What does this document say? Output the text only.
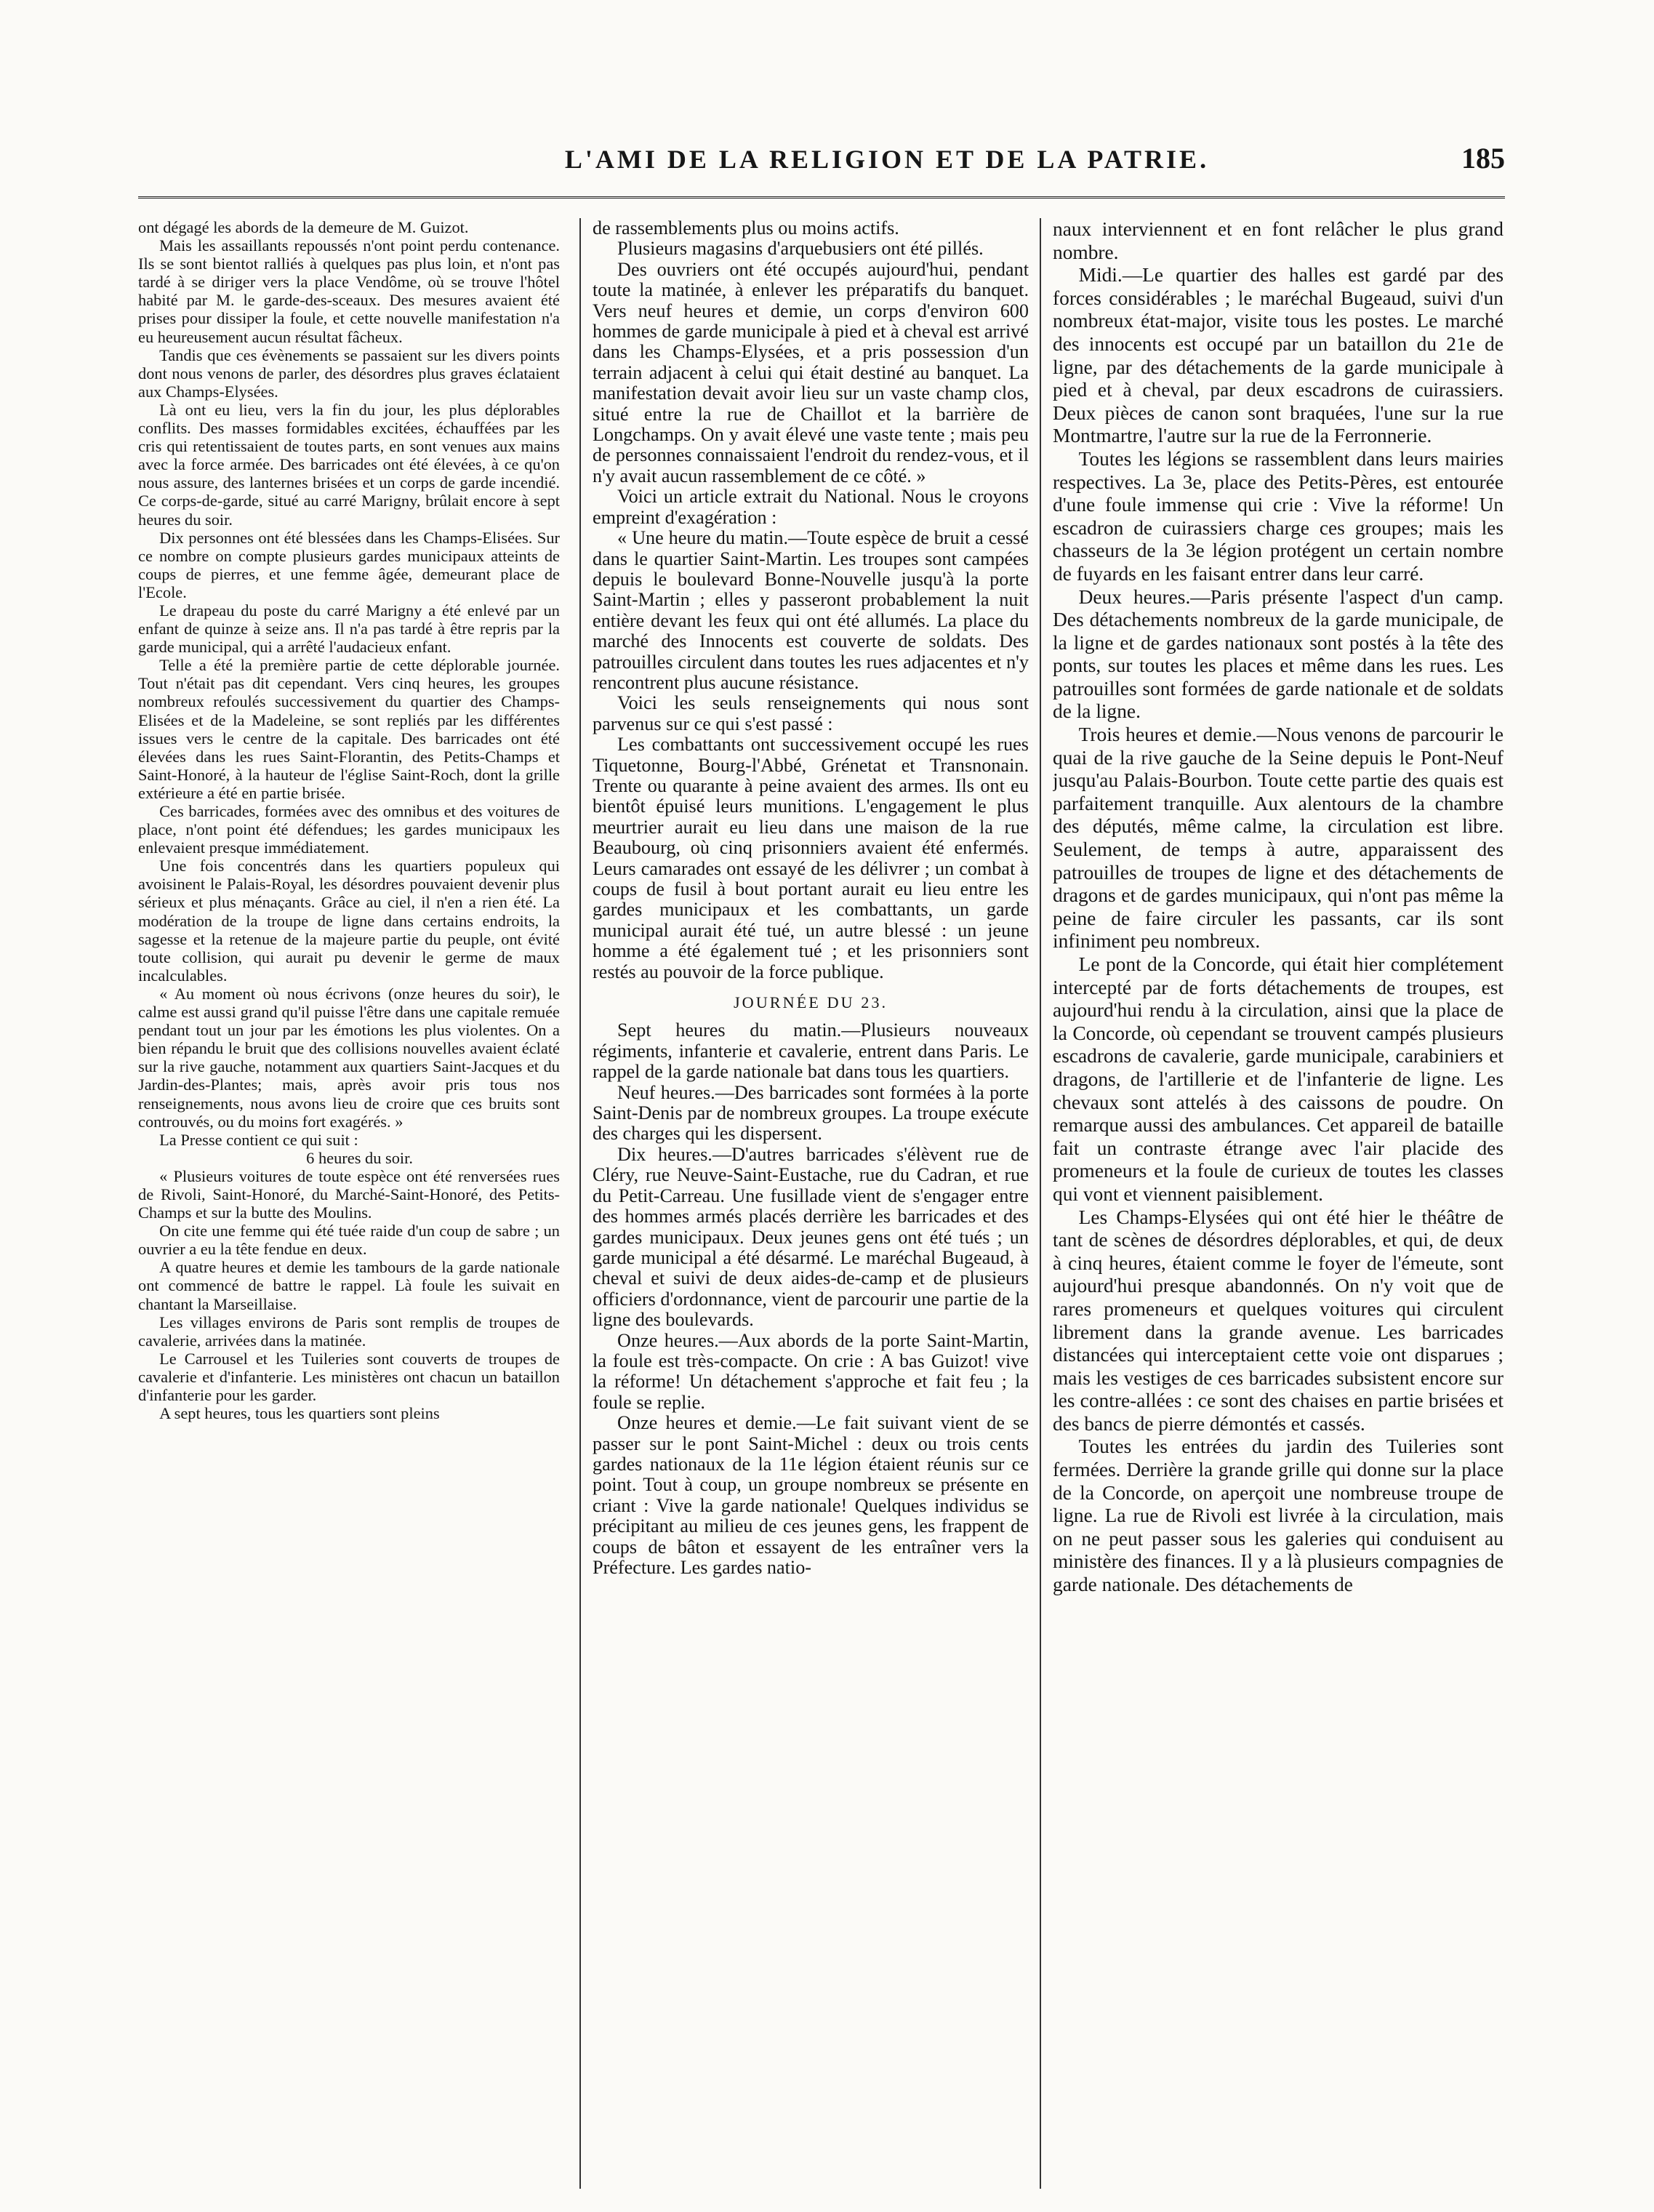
L'AMI DE LA RELIGION ET DE LA PATRIE.	185

ont dégagé les abords de la demeure de M. Guizot.

Mais les assaillants repoussés n'ont point perdu contenance. Ils se sont bientot ralliés à quelques pas plus loin, et n'ont pas tardé à se diriger vers la place Vendôme, où se trouve l'hôtel habité par M. le garde-des-sceaux. Des mesures avaient été prises pour dissiper la foule, et cette nouvelle manifestation n'a eu heureusement aucun résultat fâcheux.

Tandis que ces évènements se passaient sur les divers points dont nous venons de parler, des désordres plus graves éclataient aux Champs-Elysées.

Là ont eu lieu, vers la fin du jour, les plus déplorables conflits. Des masses formidables excitées, échauffées par les cris qui retentissaient de toutes parts, en sont venues aux mains avec la force armée. Des barricades ont été élevées, à ce qu'on nous assure, des lanternes brisées et un corps de garde incendié. Ce corps-de-garde, situé au carré Marigny, brûlait encore à sept heures du soir.

Dix personnes ont été blessées dans les Champs-Elisées. Sur ce nombre on compte plusieurs gardes municipaux atteints de coups de pierres, et une femme âgée, demeurant place de l'Ecole.

Le drapeau du poste du carré Marigny a été enlevé par un enfant de quinze à seize ans. Il n'a pas tardé à être repris par la garde municipal, qui a arrêté l'audacieux enfant.

Telle a été la première partie de cette déplorable journée. Tout n'était pas dit cependant. Vers cinq heures, les groupes nombreux refoulés successivement du quartier des Champs-Elisées et de la Madeleine, se sont repliés par les différentes issues vers le centre de la capitale. Des barricades ont été élevées dans les rues Saint-Florantin, des Petits-Champs et Saint-Honoré, à la hauteur de l'église Saint-Roch, dont la grille extérieure a été en partie brisée.

Ces barricades, formées avec des omnibus et des voitures de place, n'ont point été défendues; les gardes municipaux les enlevaient presque immédiatement.

Une fois concentrés dans les quartiers populeux qui avoisinent le Palais-Royal, les désordres pouvaient devenir plus sérieux et plus ménaçants. Grâce au ciel, il n'en a rien été. La modération de la troupe de ligne dans certains endroits, la sagesse et la retenue de la majeure partie du peuple, ont évité toute collision, qui aurait pu devenir le germe de maux incalculables.

« Au moment où nous écrivons (onze heures du soir), le calme est aussi grand qu'il puisse l'être dans une capitale remuée pendant tout un jour par les émotions les plus violentes. On a bien répandu le bruit que des collisions nouvelles avaient éclaté sur la rive gauche, notamment aux quartiers Saint-Jacques et du Jardin-des-Plantes; mais, après avoir pris tous nos renseignements, nous avons lieu de croire que ces bruits sont controuvés, ou du moins fort exagérés. »

La Presse contient ce qui suit :

6 heures du soir.

« Plusieurs voitures de toute espèce ont été renversées rues de Rivoli, Saint-Honoré, du Marché-Saint-Honoré, des Petits-Champs et sur la butte des Moulins.

On cite une femme qui été tuée raide d'un coup de sabre ; un ouvrier a eu la tête fendue en deux.

A quatre heures et demie les tambours de la garde nationale ont commencé de battre le rappel. Là foule les suivait en chantant la Marseillaise.

Les villages environs de Paris sont remplis de troupes de cavalerie, arrivées dans la matinée.

Le Carrousel et les Tuileries sont couverts de troupes de cavalerie et d'infanterie. Les ministères ont chacun un bataillon d'infanterie pour les garder.

A sept heures, tous les quartiers sont pleins

de rassemblements plus ou moins actifs.

Plusieurs magasins d'arquebusiers ont été pillés.

Des ouvriers ont été occupés aujourd'hui, pendant toute la matinée, à enlever les préparatifs du banquet. Vers neuf heures et demie, un corps d'environ 600 hommes de garde municipale à pied et à cheval est arrivé dans les Champs-Elysées, et a pris possession d'un terrain adjacent à celui qui était destiné au banquet. La manifestation devait avoir lieu sur un vaste champ clos, situé entre la rue de Chaillot et la barrière de Longchamps. On y avait élevé une vaste tente ; mais peu de personnes connaissaient l'endroit du rendez-vous, et il n'y avait aucun rassemblement de ce côté. »

Voici un article extrait du National. Nous le croyons empreint d'exagération :

« Une heure du matin.—Toute espèce de bruit a cessé dans le quartier Saint-Martin. Les troupes sont campées depuis le boulevard Bonne-Nouvelle jusqu'à la porte Saint-Martin ; elles y passeront probablement la nuit entière devant les feux qui ont été allumés. La place du marché des Innocents est couverte de soldats. Des patrouilles circulent dans toutes les rues adjacentes et n'y rencontrent plus aucune résistance.

Voici les seuls renseignements qui nous sont parvenus sur ce qui s'est passé :

Les combattants ont successivement occupé les rues Tiquetonne, Bourg-l'Abbé, Grénetat et Transnonain. Trente ou quarante à peine avaient des armes. Ils ont eu bientôt épuisé leurs munitions. L'engagement le plus meurtrier aurait eu lieu dans une maison de la rue Beaubourg, où cinq prisonniers avaient été enfermés. Leurs camarades ont essayé de les délivrer ; un combat à coups de fusil à bout portant aurait eu lieu entre les gardes municipaux et les combattants, un garde municipal aurait été tué, un autre blessé : un jeune homme a été également tué ; et les prisonniers sont restés au pouvoir de la force publique.

JOURNÉE DU 23.

Sept heures du matin.—Plusieurs nouveaux régiments, infanterie et cavalerie, entrent dans Paris. Le rappel de la garde nationale bat dans tous les quartiers.

Neuf heures.—Des barricades sont formées à la porte Saint-Denis par de nombreux groupes. La troupe exécute des charges qui les dispersent.

Dix heures.—D'autres barricades s'élèvent rue de Cléry, rue Neuve-Saint-Eustache, rue du Cadran, et rue du Petit-Carreau. Une fusillade vient de s'engager entre des hommes armés placés derrière les barricades et des gardes municipaux. Deux jeunes gens ont été tués ; un garde municipal a été désarmé. Le maréchal Bugeaud, à cheval et suivi de deux aides-de-camp et de plusieurs officiers d'ordonnance, vient de parcourir une partie de la ligne des boulevards.

Onze heures.—Aux abords de la porte Saint-Martin, la foule est très-compacte. On crie : A bas Guizot! vive la réforme! Un détachement s'approche et fait feu ; la foule se replie.

Onze heures et demie.—Le fait suivant vient de se passer sur le pont Saint-Michel : deux ou trois cents gardes nationaux de la 11e légion étaient réunis sur ce point. Tout à coup, un groupe nombreux se présente en criant : Vive la garde nationale! Quelques individus se précipitant au milieu de ces jeunes gens, les frappent de coups de bâton et essayent de les entraîner vers la Préfecture. Les gardes natio-

naux interviennent et en font relâcher le plus grand nombre.

Midi.—Le quartier des halles est gardé par des forces considérables ; le maréchal Bugeaud, suivi d'un nombreux état-major, visite tous les postes. Le marché des innocents est occupé par un bataillon du 21e de ligne, par des détachements de la garde municipale à pied et à cheval, par deux escadrons de cuirassiers. Deux pièces de canon sont braquées, l'une sur la rue Montmartre, l'autre sur la rue de la Ferronnerie.

Toutes les légions se rassemblent dans leurs mairies respectives. La 3e, place des Petits-Pères, est entourée d'une foule immense qui crie : Vive la réforme! Un escadron de cuirassiers charge ces groupes; mais les chasseurs de la 3e légion protégent un certain nombre de fuyards en les faisant entrer dans leur carré.

Deux heures.—Paris présente l'aspect d'un camp. Des détachements nombreux de la garde municipale, de la ligne et de gardes nationaux sont postés à la tête des ponts, sur toutes les places et même dans les rues. Les patrouilles sont formées de garde nationale et de soldats de la ligne.

Trois heures et demie.—Nous venons de parcourir le quai de la rive gauche de la Seine depuis le Pont-Neuf jusqu'au Palais-Bourbon. Toute cette partie des quais est parfaitement tranquille. Aux alentours de la chambre des députés, même calme, la circulation est libre. Seulement, de temps à autre, apparaissent des patrouilles de troupes de ligne et des détachements de dragons et de gardes municipaux, qui n'ont pas même la peine de faire circuler les passants, car ils sont infiniment peu nombreux.

Le pont de la Concorde, qui était hier complétement intercepté par de forts détachements de troupes, est aujourd'hui rendu à la circulation, ainsi que la place de la Concorde, où cependant se trouvent campés plusieurs escadrons de cavalerie, garde municipale, carabiniers et dragons, de l'artillerie et de l'infanterie de ligne. Les chevaux sont attelés à des caissons de poudre. On remarque aussi des ambulances. Cet appareil de bataille fait un contraste étrange avec l'air placide des promeneurs et la foule de curieux de toutes les classes qui vont et viennent paisiblement.

Les Champs-Elysées qui ont été hier le théâtre de tant de scènes de désordres déplorables, et qui, de deux à cinq heures, étaient comme le foyer de l'émeute, sont aujourd'hui presque abandonnés. On n'y voit que de rares promeneurs et quelques voitures qui circulent librement dans la grande avenue. Les barricades distancées qui interceptaient cette voie ont disparues ; mais les vestiges de ces barricades subsistent encore sur les contre-allées : ce sont des chaises en partie brisées et des bancs de pierre démontés et cassés.

Toutes les entrées du jardin des Tuileries sont fermées. Derrière la grande grille qui donne sur la place de la Concorde, on aperçoit une nombreuse troupe de ligne. La rue de Rivoli est livrée à la circulation, mais on ne peut passer sous les galeries qui conduisent au ministère des finances. Il y a là plusieurs compagnies de garde nationale. Des détachements de
